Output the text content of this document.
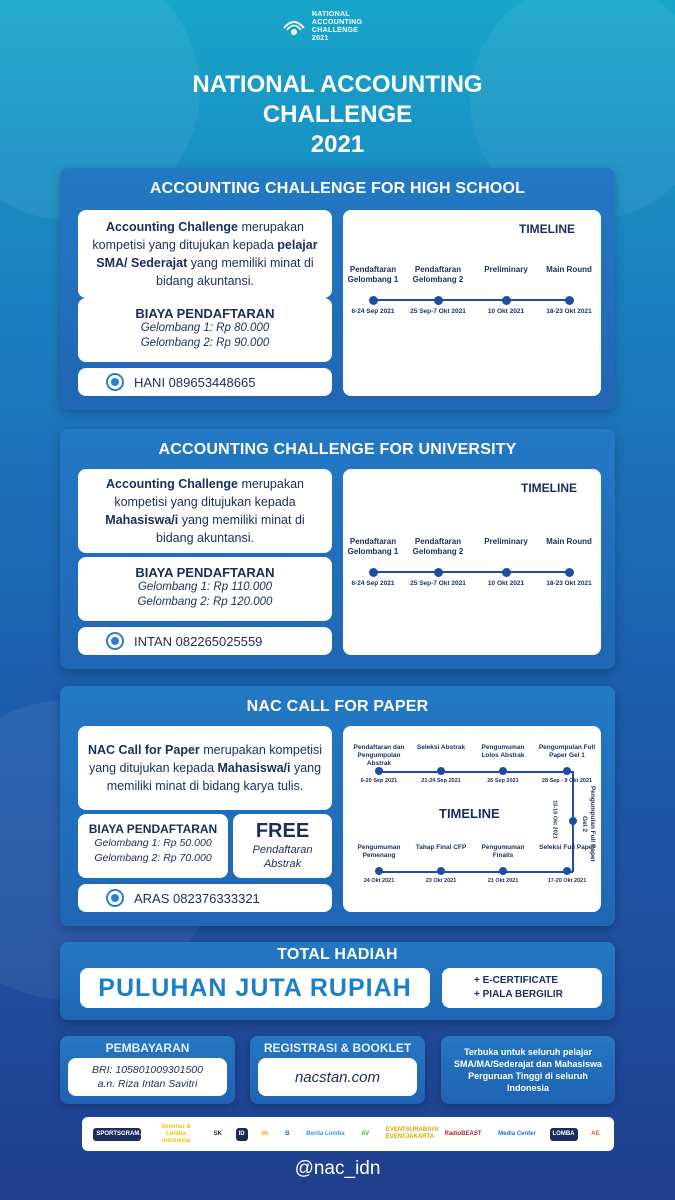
NATIONAL ACCOUNTING
CHALLENGE
2021
NATIONAL ACCOUNTING
CHALLENGE
2021
ACCOUNTING CHALLENGE FOR HIGH SCHOOL
Accounting Challenge merupakan kompetisi yang ditujukan kepada pelajar SMA/ Sederajat yang memiliki minat di bidang akuntansi.
BIAYA PENDAFTARAN
Gelombang 1: Rp 80.000
Gelombang 2: Rp 90.000
HANI 089653448665
TIMELINE
Pendaftaran Gelombang 1
6-24 Sep 2021
Pendaftaran Gelombang 2
25 Sep-7 Okt 2021
Preliminary
10 Okt 2021
Main Round
18-23 Okt 2021
ACCOUNTING CHALLENGE FOR UNIVERSITY
Accounting Challenge merupakan kompetisi yang ditujukan kepada Mahasiswa/i yang memiliki minat di bidang akuntansi.
BIAYA PENDAFTARAN
Gelombang 1: Rp 110.000
Gelombang 2: Rp 120.000
INTAN 082265025559
TIMELINE
Pendaftaran Gelombang 1
6-24 Sep 2021
Pendaftaran Gelombang 2
25 Sep-7 Okt 2021
Preliminary
10 Okt 2021
Main Round
18-23 Okt 2021
NAC CALL FOR PAPER
NAC Call for Paper merupakan kompetisi yang ditujukan kepada Mahasiswa/i yang memiliki minat di bidang karya tulis.
BIAYA PENDAFTARAN
Gelombang 1: Rp 50.000
Gelombang 2: Rp 70.000
FREE
Pendaftaran Abstrak
ARAS 082376333321
TIMELINE
Pendaftaran dan Pengumpulan Abstrak
6-20 Sep 2021
Seleksi Abstrak
21-24 Sep 2021
Pengumuman Lolos Abstrak
26 Sep 2021
Pengumpulan Full Paper Gel 1
28 Sep - 9 Okt 2021
Pengumuman Pemenang
24 Okt 2021
Tahap Final CFP
23 Okt 2021
Pengumuman Finalis
21 Okt 2021
Seleksi Full Paper
17-20 Okt 2021
Pengumpulan Full Paper Gel 2
10-16 Okt 2021
TOTAL HADIAH
PULUHAN JUTA RUPIAH	+ E-CERTIFICATE
+ PIALA BERGILIR
PEMBAYARAN
BRI: 105801009301500
a.n. Riza Intan Savitri
REGISTRASI & BOOKLET
nacstan.com
Terbuka untuk seluruh pelajar SMA/MA/Sederajat dan Mahasiswa Perguruan Tinggi di seluruh Indonesia
SPORTSGRAM.ID
Seminar & Lomba Indonesia
SK	ID	dh	B	Berita Lomba	AV
EVENTSURABAYA EVENTJAKARTA
RadioBEAST	Media Center	LOMBA	AE
@nac_idn
